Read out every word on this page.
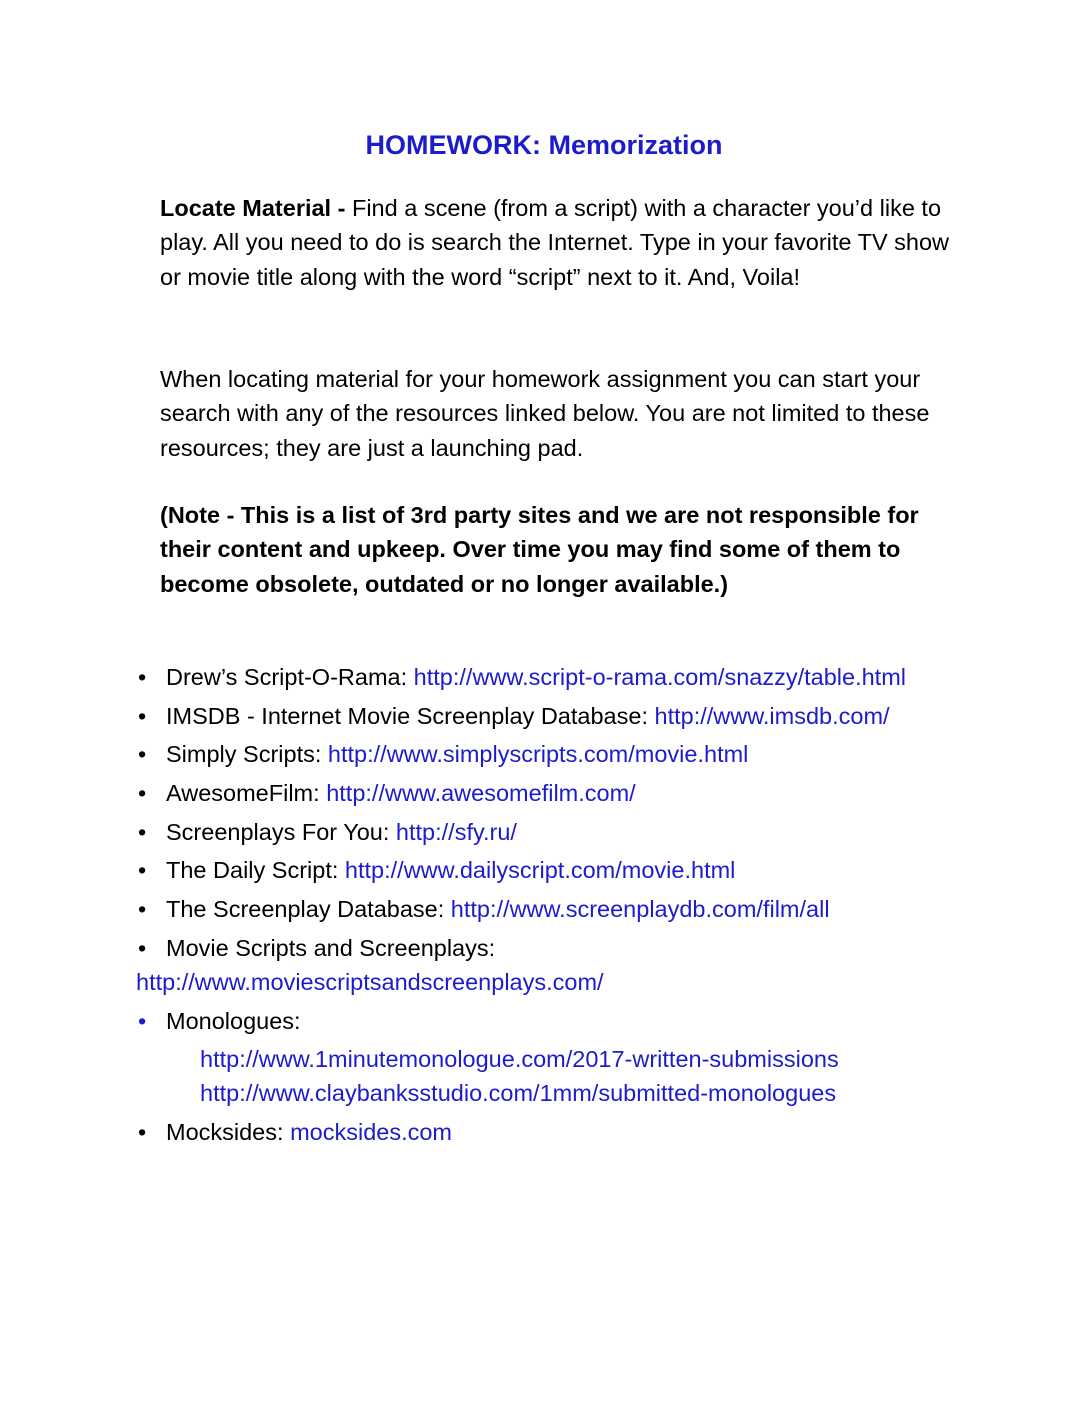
HOMEWORK: Memorization

Locate Material - Find a scene (from a script) with a character you’d like to play. All you need to do is search the Internet. Type in your favorite TV show or movie title along with the word “script” next to it. And, Voila!

When locating material for your homework assignment you can start your search with any of the resources linked below. You are not limited to these resources; they are just a launching pad.

(Note - This is a list of 3rd party sites and we are not responsible for their content and upkeep. Over time you may find some of them to become obsolete, outdated or no longer available.)

• Drew’s Script-O-Rama: http://www.script-o-rama.com/snazzy/table.html
• IMSDB - Internet Movie Screenplay Database: http://www.imsdb.com/
• Simply Scripts: http://www.simplyscripts.com/movie.html
• AwesomeFilm: http://www.awesomefilm.com/
• Screenplays For You: http://sfy.ru/
• The Daily Script: http://www.dailyscript.com/movie.html
• The Screenplay Database: http://www.screenplaydb.com/film/all
• Movie Scripts and Screenplays:
http://www.moviescriptsandscreenplays.com/
• Monologues:
http://www.1minutemonologue.com/2017-written-submissions
http://www.claybanksstudio.com/1mm/submitted-monologues
• Mocksides: mocksides.com
